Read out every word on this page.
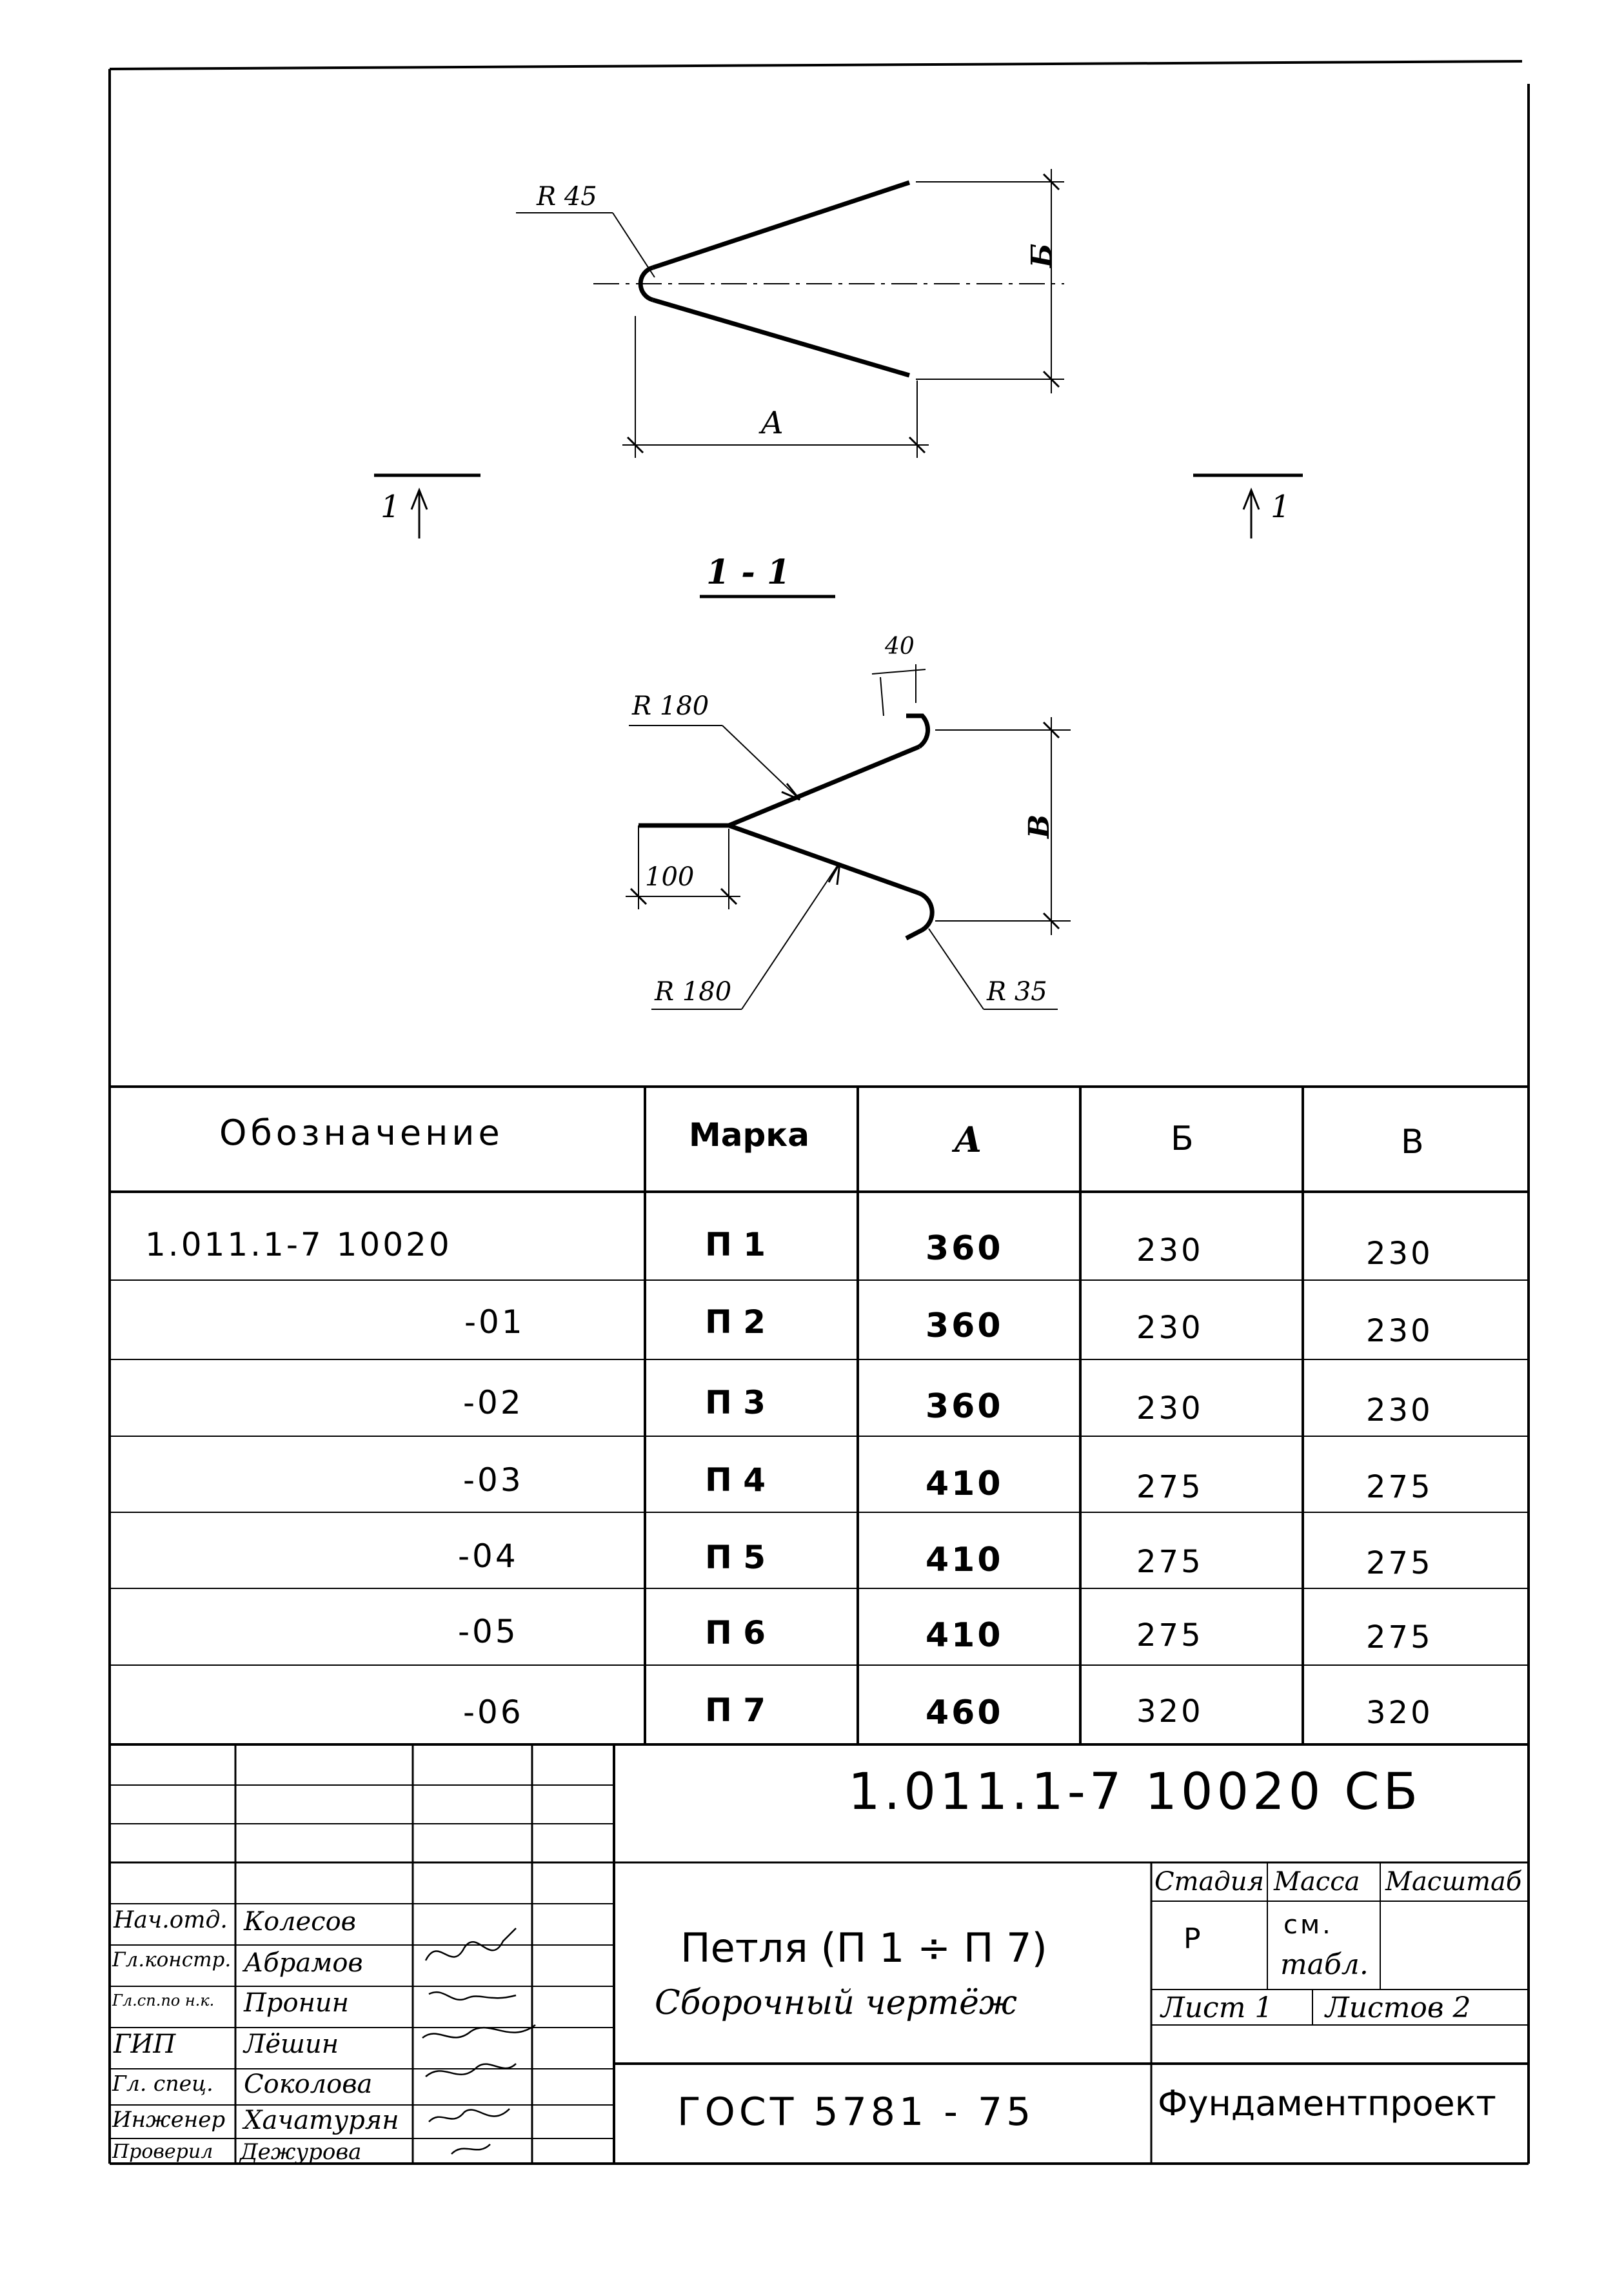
R 45
Б
A
1	1
1 - 1
40
R 180
В
100
R 180	R 35
Обозначение	Марка	A	Б	В
1.011.1-7 10020	П 1	360	230	230
-01	П 2	360	230	230
-02	П 3	360	230	230
-03	П 4	410	275	275
-04	П 5	410	275	275
-05	П 6	410	275	275
-06	П 7	460	320	320
1.011.1-7 10020 СБ
Нач.отд. Колесов
Гл.констр. Абрамов
Гл.сп.по н.к. Пронин
ГИП	Лёшин
Гл. спец. Соколова
Инженер Хачатурян
Проверил Дежурова
Петля (П 1 ÷ П 7)
Сборочный чертёж
ГОСТ 5781 - 75
Стадия Масса Масштаб
Р	см.
табл.
Лист 1 Листов 2
Фундаментпроект
